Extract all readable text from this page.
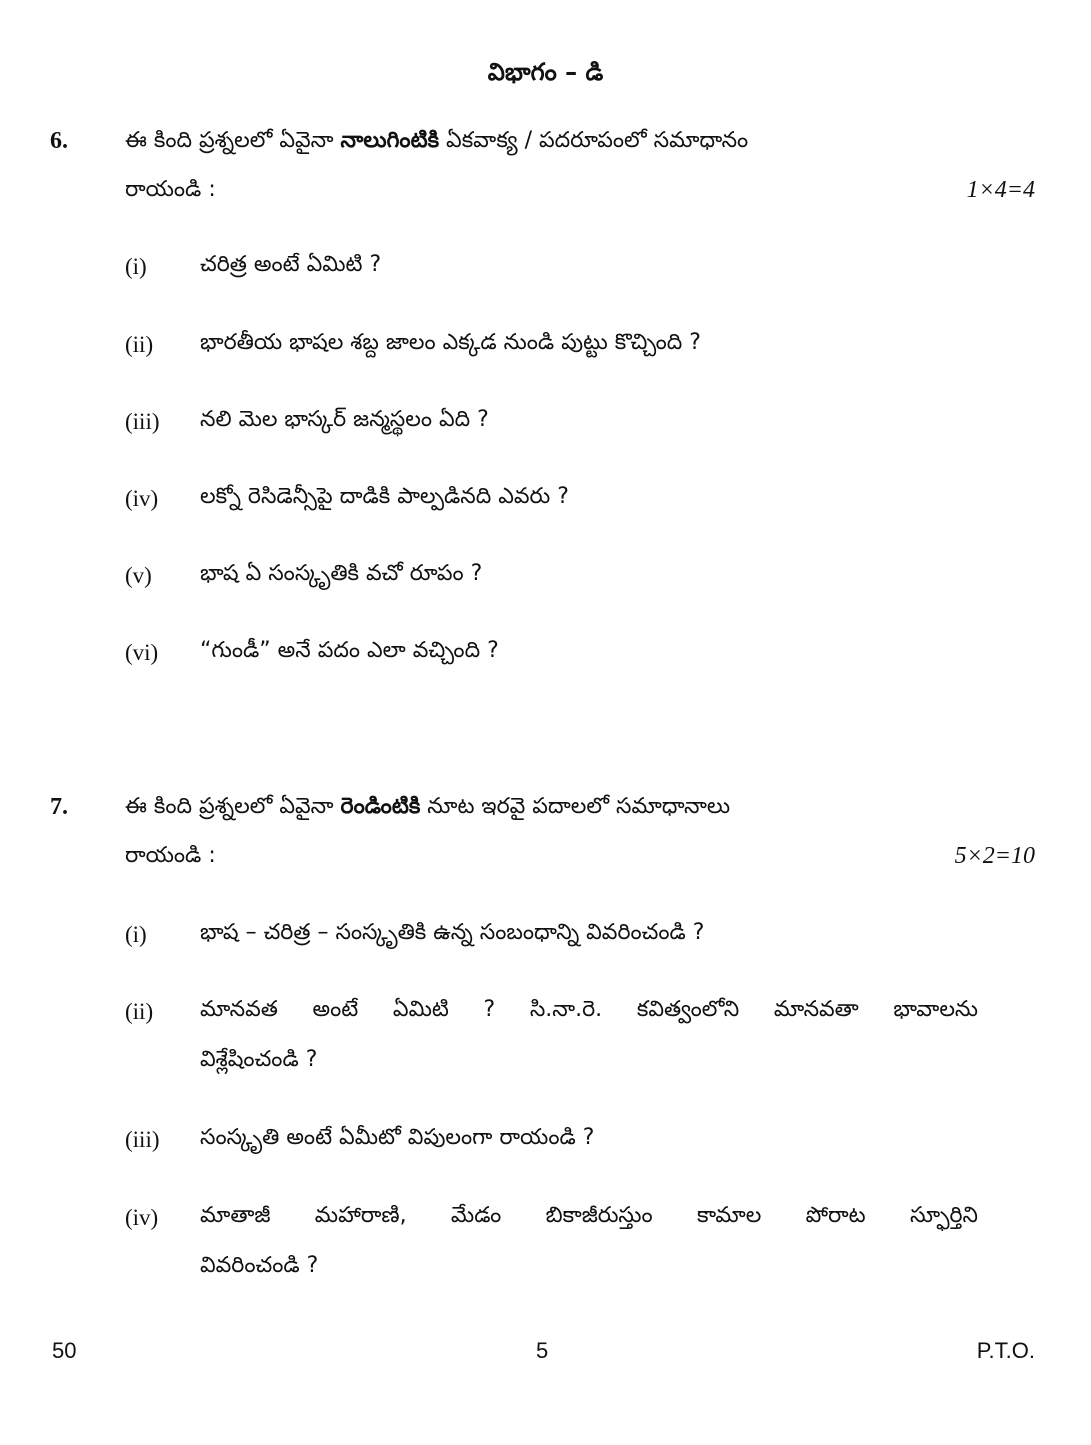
విభాగం – డి
6.	ఈ కింది ప్రశ్నలలో ఏవైనా నాలుగింటికి ఏకవాక్య / పదరూపంలో సమాధానం
రాయండి :	1×4=4
(i) చరిత్ర అంటే ఏమిటి ?
(ii) భారతీయ భాషల శబ్ద జాలం ఎక్కడ నుండి పుట్టు కొచ్చింది ?
(iii) నలి మెల భాస్కర్ జన్మస్థలం ఏది ?
(iv) లక్నో రెసిడెన్సీపై దాడికి పాల్పడినది ఎవరు ?
(v) భాష ఏ సంస్కృతికి వచో రూపం ?
(vi) “గుండీ” అనే పదం ఎలా వచ్చింది ?
7.	ఈ కింది ప్రశ్నలలో ఏవైనా రెండింటికి నూట ఇరవై పదాలలో సమాధానాలు
రాయండి :	5×2=10
(i) భాష – చరిత్ర – సంస్కృతికి ఉన్న సంబంధాన్ని వివరించండి ?
(ii) మానవత అంటే ఏమిటి ? సి.నా.రె. కవిత్వంలోని మానవతా భావాలను
విశ్లేషించండి ?
(iii) సంస్కృతి అంటే ఏమీటో విపులంగా రాయండి ?
(iv) మాతాజీ మహారాణి, మేడం బికాజీరుస్తుం కామాల పోరాట స్ఫూర్తిని
వివరించండి ?
50	5	P.T.O.
